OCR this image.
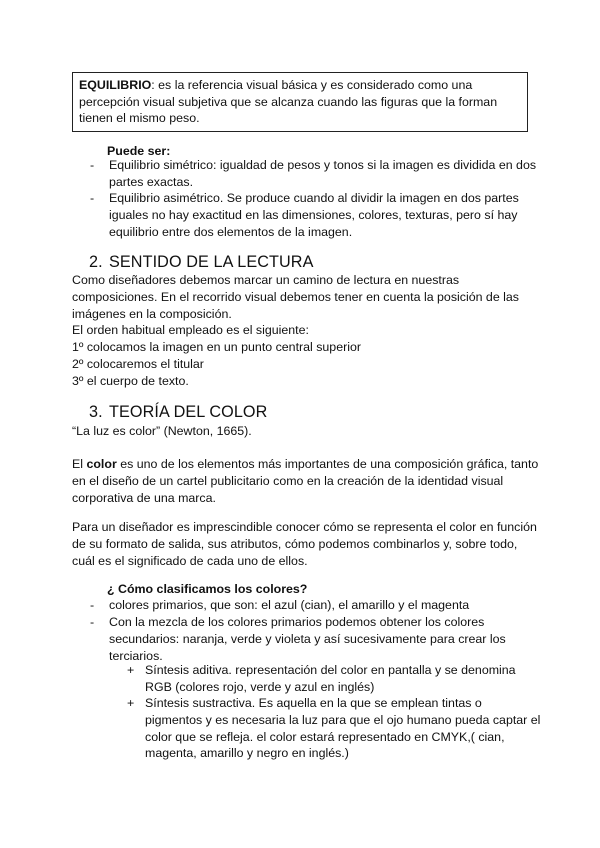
EQUILIBRIO: es la referencia visual básica y es considerado como una percepción visual subjetiva que se alcanza cuando las figuras que la forman tienen el mismo peso.
Puede ser:
- Equilibrio simétrico: igualdad de pesos y tonos si la imagen es dividida en dos partes exactas.
- Equilibrio asimétrico. Se produce cuando al dividir la imagen en dos partes iguales no hay exactitud en las dimensiones, colores, texturas, pero sí hay equilibrio entre dos elementos de la imagen.
2. SENTIDO DE LA LECTURA
Como diseñadores debemos marcar un camino de lectura en nuestras composiciones. En el recorrido visual debemos tener en cuenta la posición de las imágenes en la composición.
El orden habitual empleado es el siguiente:
1º colocamos la imagen en un punto central superior
2º colocaremos el titular
3º el cuerpo de texto.
3. TEORÍA DEL COLOR
“La luz es color” (Newton, 1665).
El color es uno de los elementos más importantes de una composición gráfica, tanto en el diseño de un cartel publicitario como en la creación de la identidad visual corporativa de una marca.
Para un diseñador es imprescindible conocer cómo se representa el color en función de su formato de salida, sus atributos, cómo podemos combinarlos y, sobre todo, cuál es el significado de cada uno de ellos.
¿ Cómo clasificamos los colores?
- colores primarios, que son: el azul (cian), el amarillo y el magenta
- Con la mezcla de los colores primarios podemos obtener los colores secundarios: naranja, verde y violeta y así sucesivamente para crear los terciarios.
+ Síntesis aditiva. representación del color en pantalla y se denomina RGB (colores rojo, verde y azul en inglés)
+ Síntesis sustractiva. Es aquella en la que se emplean tintas o pigmentos y es necesaria la luz para que el ojo humano pueda captar el color que se refleja. el color estará representado en CMYK,( cian, magenta, amarillo y negro en inglés.)
